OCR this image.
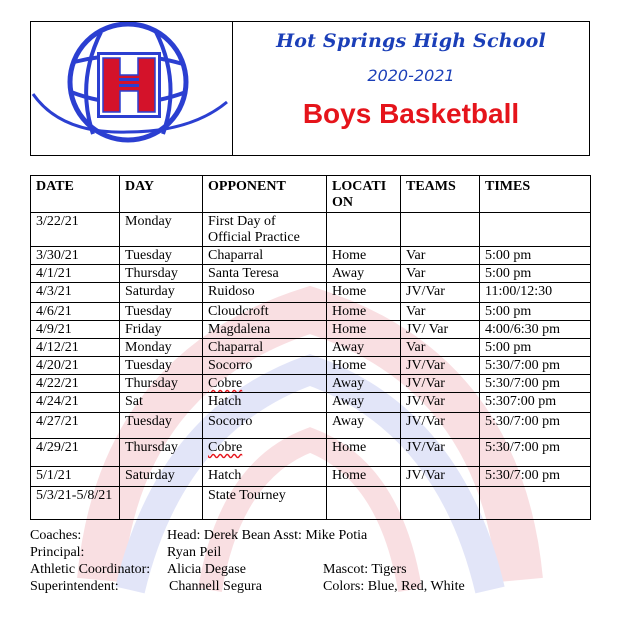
Hot Springs High School
2020-2021
Boys Basketball
DATE	DAY	OPPONENT	LOCATI ON	TEAMS	TIMES
3/22/21	Monday	First Day of Official Practice			
3/30/21	Tuesday	Chaparral	Home	Var	5:00 pm
4/1/21	Thursday	Santa Teresa	Away	Var	5:00 pm
4/3/21	Saturday	Ruidoso	Home	JV/Var	11:00/12:30
4/6/21	Tuesday	Cloudcroft	Home	Var	5:00 pm
4/9/21	Friday	Magdalena	Home	JV/ Var	4:00/6:30 pm
4/12/21	Monday	Chaparral	Away	Var	5:00 pm
4/20/21	Tuesday	Socorro	Home	JV/Var	5:30/7:00 pm
4/22/21	Thursday	Cobre	Away	JV/Var	5:30/7:00 pm
4/24/21	Sat	Hatch	Away	JV/Var	5:307:00 pm
4/27/21	Tuesday	Socorro	Away	JV/Var	5:30/7:00 pm
4/29/21	Thursday	Cobre	Home	JV/Var	5:30/7:00 pm
5/1/21	Saturday	Hatch	Home	JV/Var	5:30/7:00 pm
5/3/21-5/8/21		State Tourney			
Coaches:	Head: Derek Bean Asst: Mike Potia
Principal:	Ryan Peil
Athletic Coordinator: Alicia Degase	Mascot: Tigers
Superintendent:	Channell Segura	Colors: Blue, Red, White
